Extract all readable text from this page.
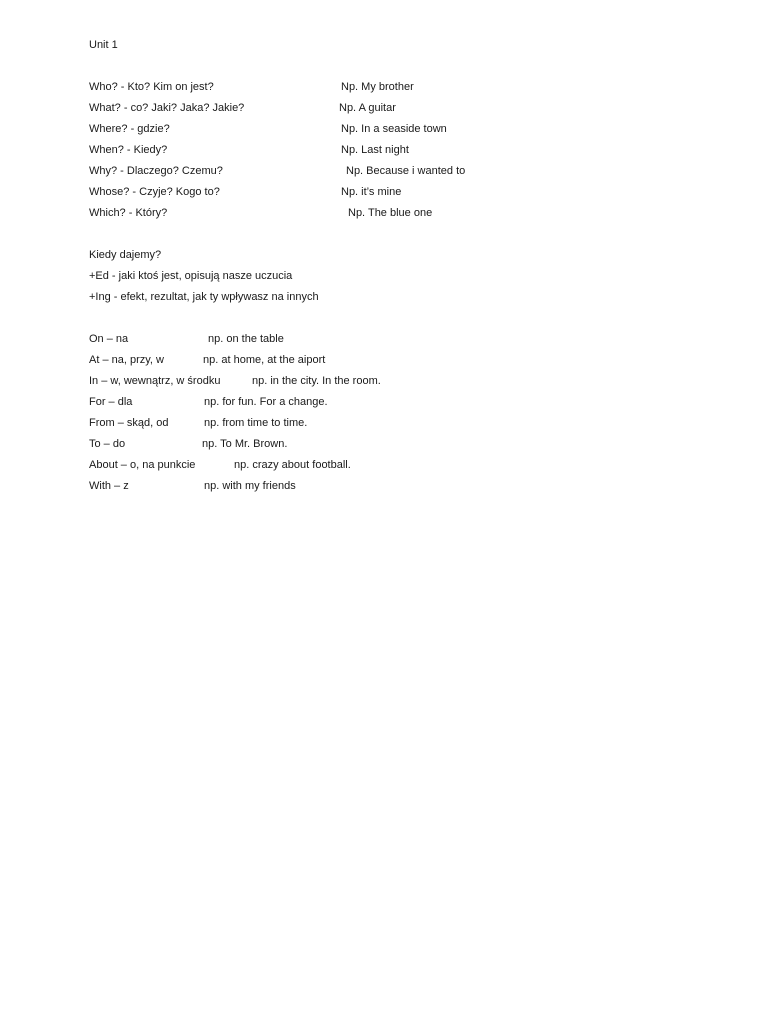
Unit 1
Who? - Kto? Kim on jest?	Np. My brother
What? - co? Jaki? Jaka? Jakie?	Np. A guitar
Where? - gdzie?	Np. In a seaside town
When? - Kiedy?	Np. Last night
Why? - Dlaczego? Czemu?	Np. Because i wanted to
Whose? - Czyje? Kogo to?	Np. it’s mine
Which? - Który?	Np. The blue one
Kiedy dajemy?
+Ed - jaki ktoś jest, opisują nasze uczucia
+Ing - efekt, rezultat, jak ty wpływasz na innych
On – na	np. on the table
At – na, przy, w	np. at home, at the aiport
In – w, wewnątrz, w środku	np. in the city. In the room.
For – dla	np. for fun. For a change.
From – skąd, od	np. from time to time.
To – do	np. To Mr. Brown.
About – o, na punkcie	np. crazy about football.
With – z	np. with my friends
